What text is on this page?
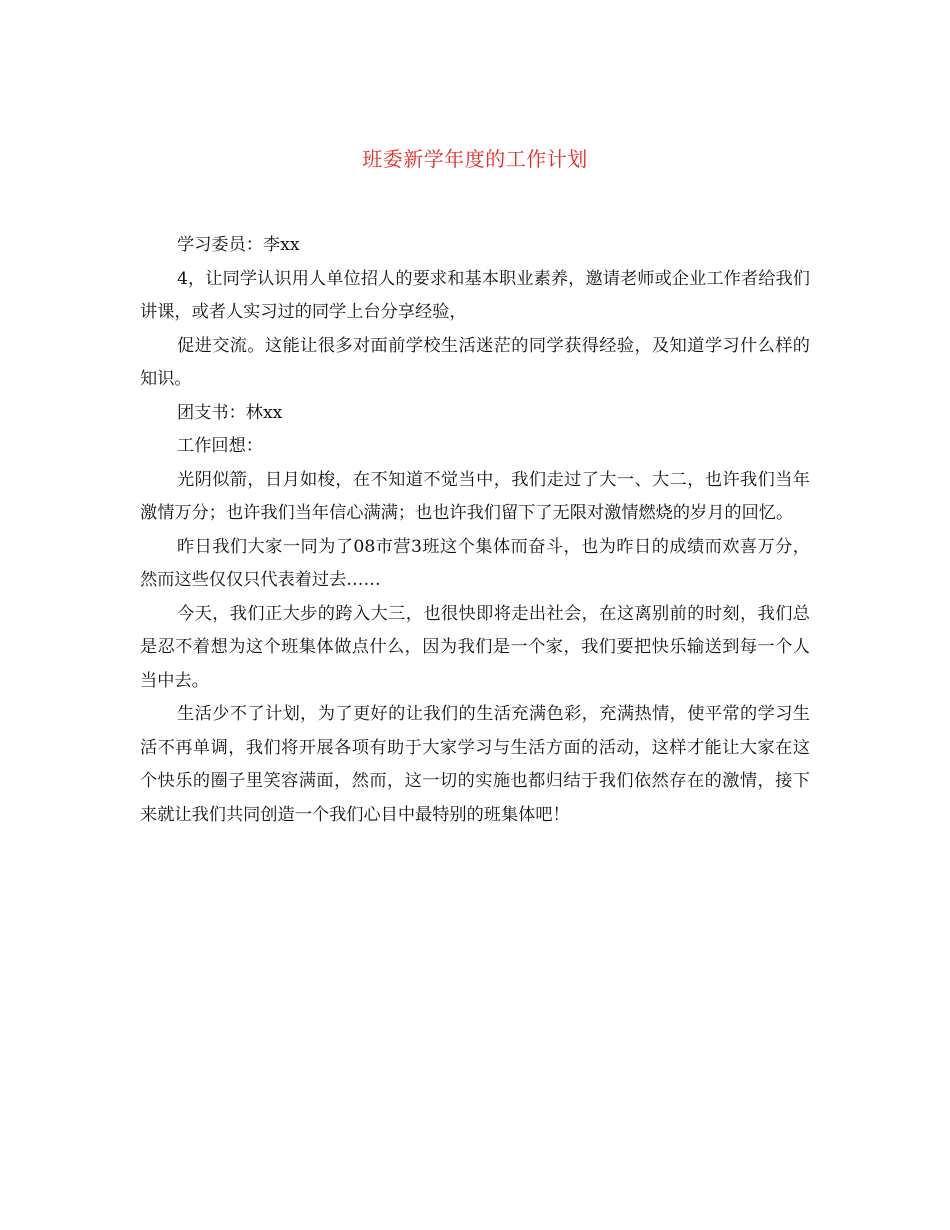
班委新学年度的工作计划

学习委员：李xx

4，让同学认识用人单位招人的要求和基本职业素养，邀请老师或企业工作者给我们讲课，或者人实习过的同学上台分享经验，

促进交流。这能让很多对面前学校生活迷茫的同学获得经验，及知道学习什么样的知识。

团支书：林xx

工作回想：

光阴似箭，日月如梭，在不知道不觉当中，我们走过了大一、大二，也许我们当年激情万分；也许我们当年信心满满；也也许我们留下了无限对激情燃烧的岁月的回忆。

昨日我们大家一同为了08市营3班这个集体而奋斗，也为昨日的成绩而欢喜万分，然而这些仅仅只代表着过去……

今天，我们正大步的跨入大三，也很快即将走出社会，在这离别前的时刻，我们总是忍不着想为这个班集体做点什么，因为我们是一个家，我们要把快乐输送到每一个人当中去。

生活少不了计划，为了更好的让我们的生活充满色彩，充满热情，使平常的学习生活不再单调，我们将开展各项有助于大家学习与生活方面的活动，这样才能让大家在这个快乐的圈子里笑容满面，然而，这一切的实施也都归结于我们依然存在的激情，接下来就让我们共同创造一个我们心目中最特别的班集体吧！
